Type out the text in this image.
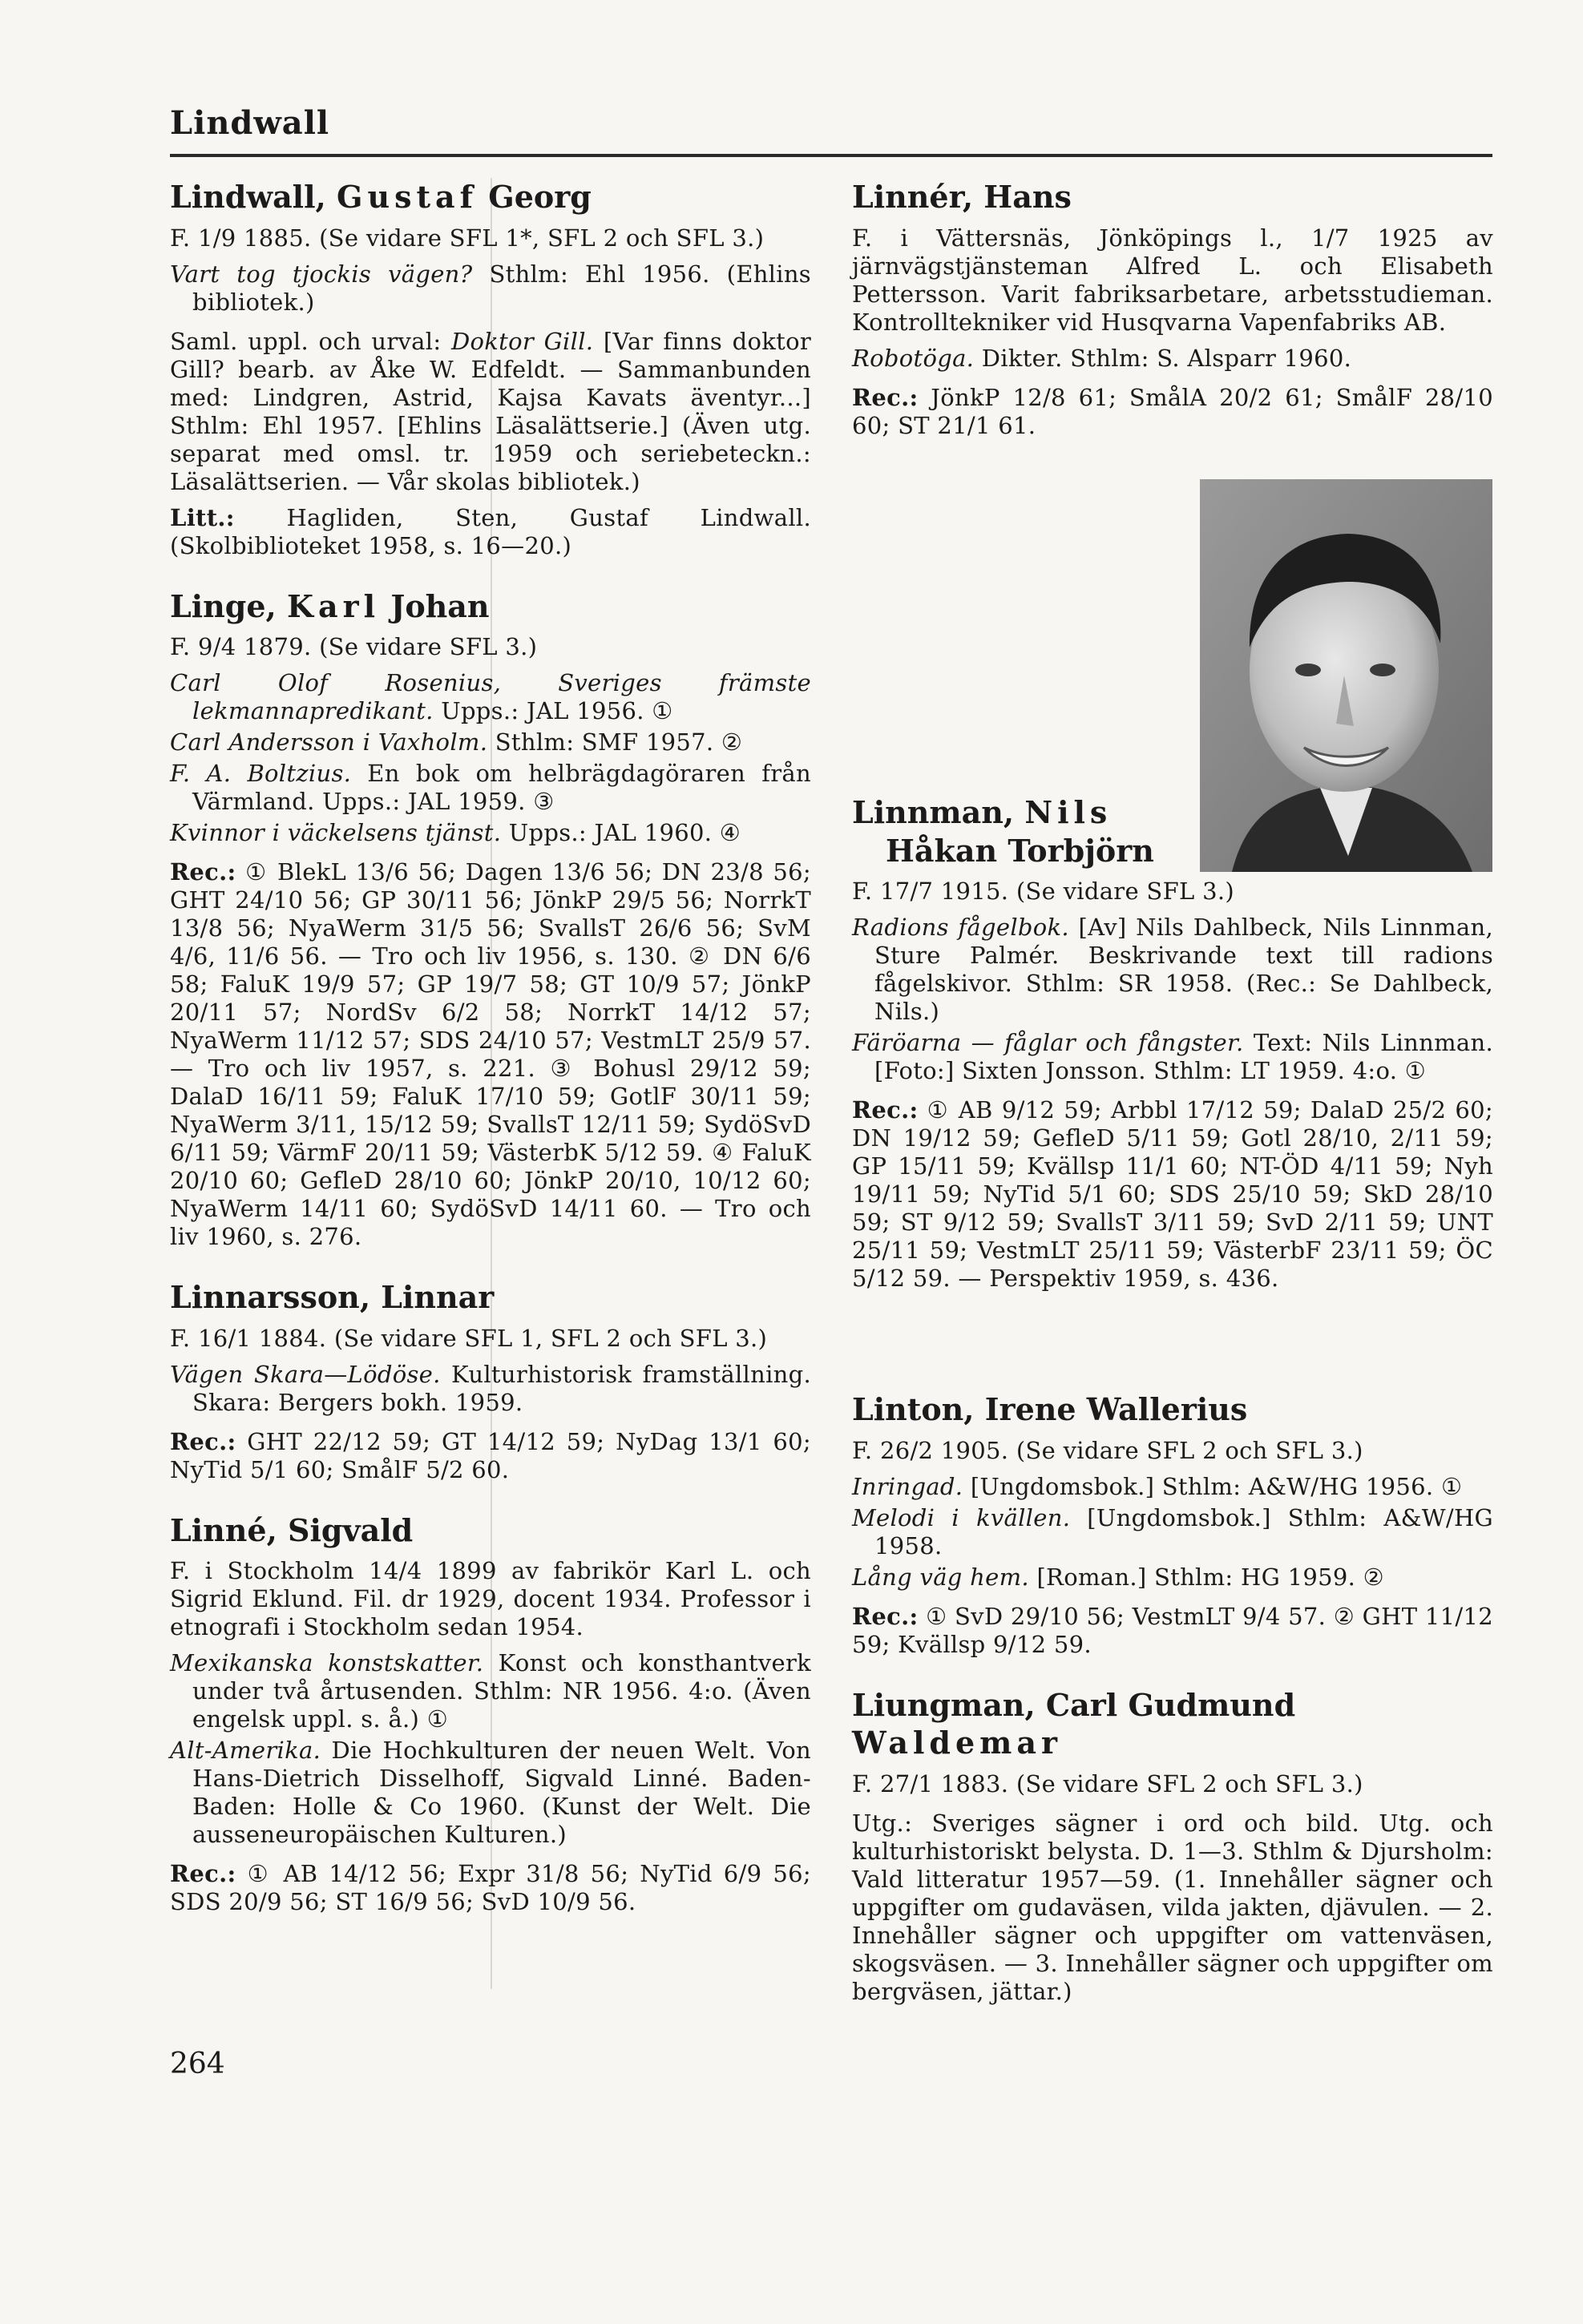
Lindwall
Lindwall, Gustaf Georg

F. 1/9 1885. (Se vidare SFL 1*, SFL 2 och SFL 3.)

Vart tog tjockis vägen? Sthlm: Ehl 1956. (Ehlins bibliotek.)

Saml. uppl. och urval: Doktor Gill. [Var finns doktor Gill? bearb. av Åke W. Edfeldt. — Sammanbunden med: Lindgren, Astrid, Kajsa Kavats äventyr...] Sthlm: Ehl 1957. [Ehlins Läsalättserie.] (Även utg. separat med omsl. tr. 1959 och seriebeteckn.: Läsalättserien. — Vår skolas bibliotek.)

Litt.: Hagliden, Sten, Gustaf Lindwall. (Skolbiblioteket 1958, s. 16—20.)

Linge, Karl Johan

F. 9/4 1879. (Se vidare SFL 3.)

Carl Olof Rosenius, Sveriges främste lekmannapredikant. Upps.: JAL 1956. ①

Carl Andersson i Vaxholm. Sthlm: SMF 1957. ②

F. A. Boltzius. En bok om helbrägdagöraren från Värmland. Upps.: JAL 1959. ③

Kvinnor i väckelsens tjänst. Upps.: JAL 1960. ④

Rec.: ① BlekL 13/6 56; Dagen 13/6 56; DN 23/8 56; GHT 24/10 56; GP 30/11 56; JönkP 29/5 56; NorrkT 13/8 56; NyaWerm 31/5 56; SvallsT 26/6 56; SvM 4/6, 11/6 56. — Tro och liv 1956, s. 130. ② DN 6/6 58; FaluK 19/9 57; GP 19/7 58; GT 10/9 57; JönkP 20/11 57; NordSv 6/2 58; NorrkT 14/12 57; NyaWerm 11/12 57; SDS 24/10 57; VestmLT 25/9 57. — Tro och liv 1957, s. 221. ③ Bohusl 29/12 59; DalaD 16/11 59; FaluK 17/10 59; GotlF 30/11 59; NyaWerm 3/11, 15/12 59; SvallsT 12/11 59; SydöSvD 6/11 59; VärmF 20/11 59; VästerbK 5/12 59. ④ FaluK 20/10 60; GefleD 28/10 60; JönkP 20/10, 10/12 60; NyaWerm 14/11 60; SydöSvD 14/11 60. — Tro och liv 1960, s. 276.

Linnarsson, Linnar

F. 16/1 1884. (Se vidare SFL 1, SFL 2 och SFL 3.)

Vägen Skara—Lödöse. Kulturhistorisk framställning. Skara: Bergers bokh. 1959.

Rec.: GHT 22/12 59; GT 14/12 59; NyDag 13/1 60; NyTid 5/1 60; SmålF 5/2 60.

Linné, Sigvald

F. i Stockholm 14/4 1899 av fabrikör Karl L. och Sigrid Eklund. Fil. dr 1929, docent 1934. Professor i etnografi i Stockholm sedan 1954.

Mexikanska konstskatter. Konst och konsthantverk under två årtusenden. Sthlm: NR 1956. 4:o. (Även engelsk uppl. s. å.) ①

Alt-Amerika. Die Hochkulturen der neuen Welt. Von Hans-Dietrich Disselhoff, Sigvald Linné. Baden-Baden: Holle & Co 1960. (Kunst der Welt. Die ausseneuropäischen Kulturen.)

Rec.: ① AB 14/12 56; Expr 31/8 56; NyTid 6/9 56; SDS 20/9 56; ST 16/9 56; SvD 10/9 56.

Linnér, Hans

F. i Vättersnäs, Jönköpings l., 1/7 1925 av järnvägstjänsteman Alfred L. och Elisabeth Pettersson. Varit fabriksarbetare, arbetsstudieman. Kontrolltekniker vid Husqvarna Vapenfabriks AB.

Robotöga. Dikter. Sthlm: S. Alsparr 1960.

Rec.: JönkP 12/8 61; SmålA 20/2 61; SmålF 28/10 60; ST 21/1 61.

Linnman, Nils
Håkan Torbjörn

F. 17/7 1915. (Se vidare SFL 3.)

Radions fågelbok. [Av] Nils Dahlbeck, Nils Linnman, Sture Palmér. Beskrivande text till radions fågelskivor. Sthlm: SR 1958. (Rec.: Se Dahlbeck, Nils.)

Färöarna — fåglar och fångster. Text: Nils Linnman. [Foto:] Sixten Jonsson. Sthlm: LT 1959. 4:o. ①

Rec.: ① AB 9/12 59; Arbbl 17/12 59; DalaD 25/2 60; DN 19/12 59; GefleD 5/11 59; Gotl 28/10, 2/11 59; GP 15/11 59; Kvällsp 11/1 60; NT-ÖD 4/11 59; Nyh 19/11 59; NyTid 5/1 60; SDS 25/10 59; SkD 28/10 59; ST 9/12 59; SvallsT 3/11 59; SvD 2/11 59; UNT 25/11 59; VestmLT 25/11 59; VästerbF 23/11 59; ÖC 5/12 59. — Perspektiv 1959, s. 436.

Linton, Irene Wallerius

F. 26/2 1905. (Se vidare SFL 2 och SFL 3.)

Inringad. [Ungdomsbok.] Sthlm: A&W/HG 1956. ①

Melodi i kvällen. [Ungdomsbok.] Sthlm: A&W/HG 1958.

Lång väg hem. [Roman.] Sthlm: HG 1959. ②

Rec.: ① SvD 29/10 56; VestmLT 9/4 57. ② GHT 11/12 59; Kvällsp 9/12 59.

Liungman, Carl Gudmund Waldemar

F. 27/1 1883. (Se vidare SFL 2 och SFL 3.)

Utg.: Sveriges sägner i ord och bild. Utg. och kulturhistoriskt belysta. D. 1—3. Sthlm & Djursholm: Vald litteratur 1957—59. (1. Innehåller sägner och uppgifter om gudaväsen, vilda jakten, djävulen. — 2. Innehåller sägner och uppgifter om vattenväsen, skogsväsen. — 3. Innehåller sägner och uppgifter om bergväsen, jättar.)

264
